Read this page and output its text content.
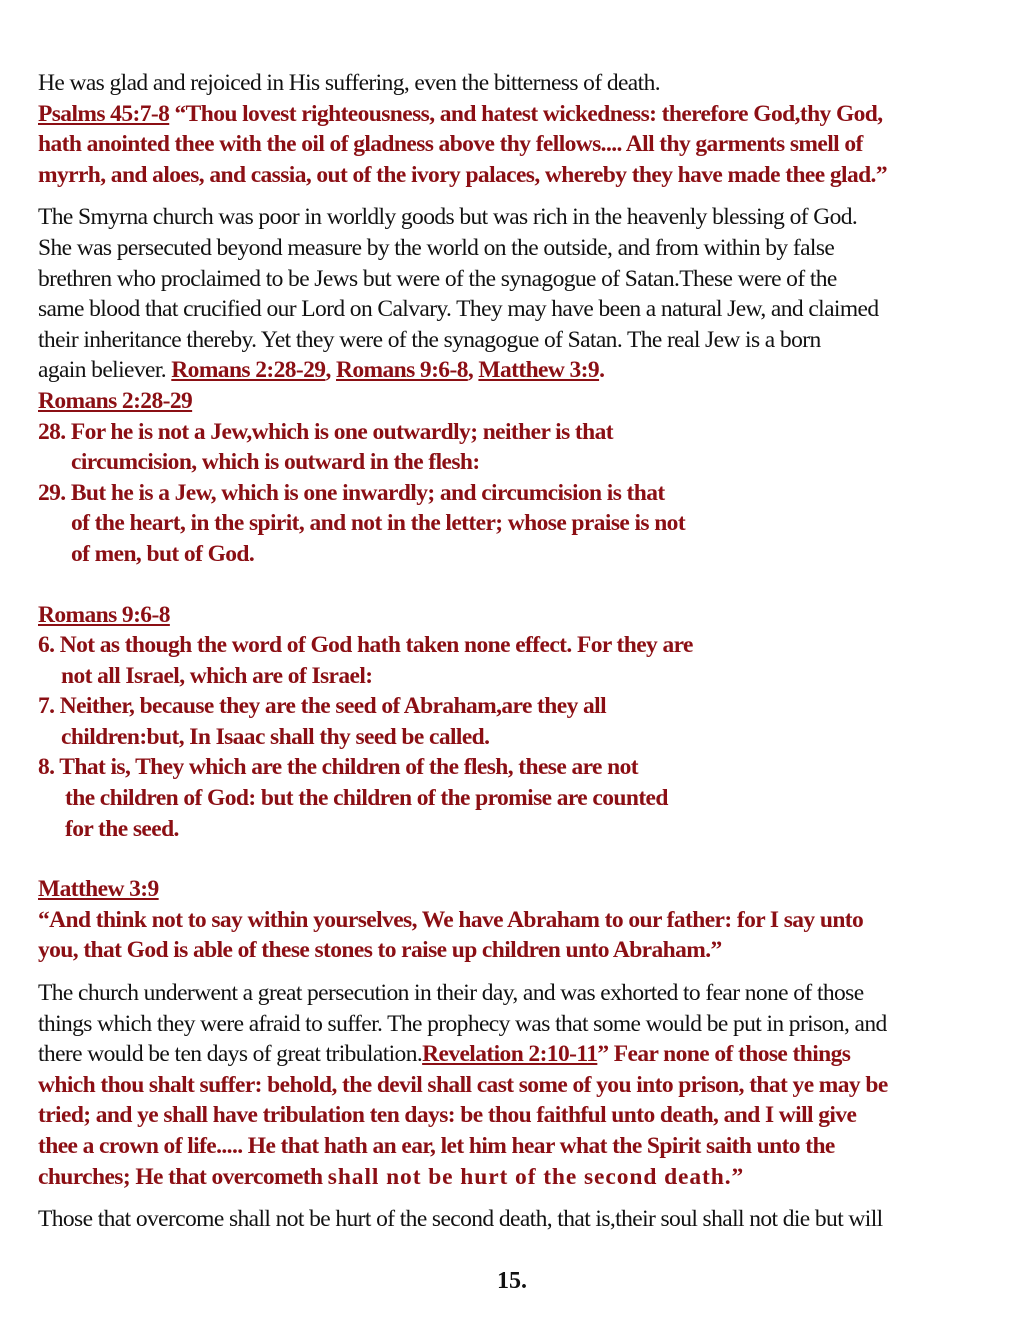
He was glad and rejoiced in His suffering, even the bitterness of death.
Psalms 45:7-8 “Thou lovest righteousness, and hatest wickedness: therefore God,thy God,
hath anointed thee with the oil of gladness above thy fellows.... All thy garments smell of
myrrh, and aloes, and cassia, out of the ivory palaces, whereby they have made thee glad.”
The Smyrna church was poor in worldly goods but was rich in the heavenly blessing of God.
She was persecuted beyond measure by the world on the outside, and from within by false
brethren who proclaimed to be Jews but were of the synagogue of Satan.These were of the
same blood that crucified our Lord on Calvary. They may have been a natural Jew, and claimed
their inheritance thereby. Yet they were of the synagogue of Satan. The real Jew is a born
again believer. Romans 2:28-29, Romans 9:6-8, Matthew 3:9.
Romans 2:28-29
28. For he is not a Jew,which is one outwardly; neither is that
circumcision, which is outward in the flesh:
29. But he is a Jew, which is one inwardly; and circumcision is that
of the heart, in the spirit, and not in the letter; whose praise is not
of men, but of God.
Romans 9:6-8
6. Not as though the word of God hath taken none effect. For they are
not all Israel, which are of Israel:
7. Neither, because they are the seed of Abraham,are they all
children:but, In Isaac shall thy seed be called.
8. That is, They which are the children of the flesh, these are not
the children of God: but the children of the promise are counted
for the seed.
Matthew 3:9
“And think not to say within yourselves, We have Abraham to our father: for I say unto
you, that God is able of these stones to raise up children unto Abraham.”
The church underwent a great persecution in their day, and was exhorted to fear none of those
things which they were afraid to suffer. The prophecy was that some would be put in prison, and
there would be ten days of great tribulation.Revelation 2:10-11” Fear none of those things
which thou shalt suffer: behold, the devil shall cast some of you into prison, that ye may be
tried; and ye shall have tribulation ten days: be thou faithful unto death, and I will give
thee a crown of life..... He that hath an ear, let him hear what the Spirit saith unto the
churches; He that overcometh shall not be hurt of the second death.”
Those that overcome shall not be hurt of the second death, that is,their soul shall not die but will
15.
